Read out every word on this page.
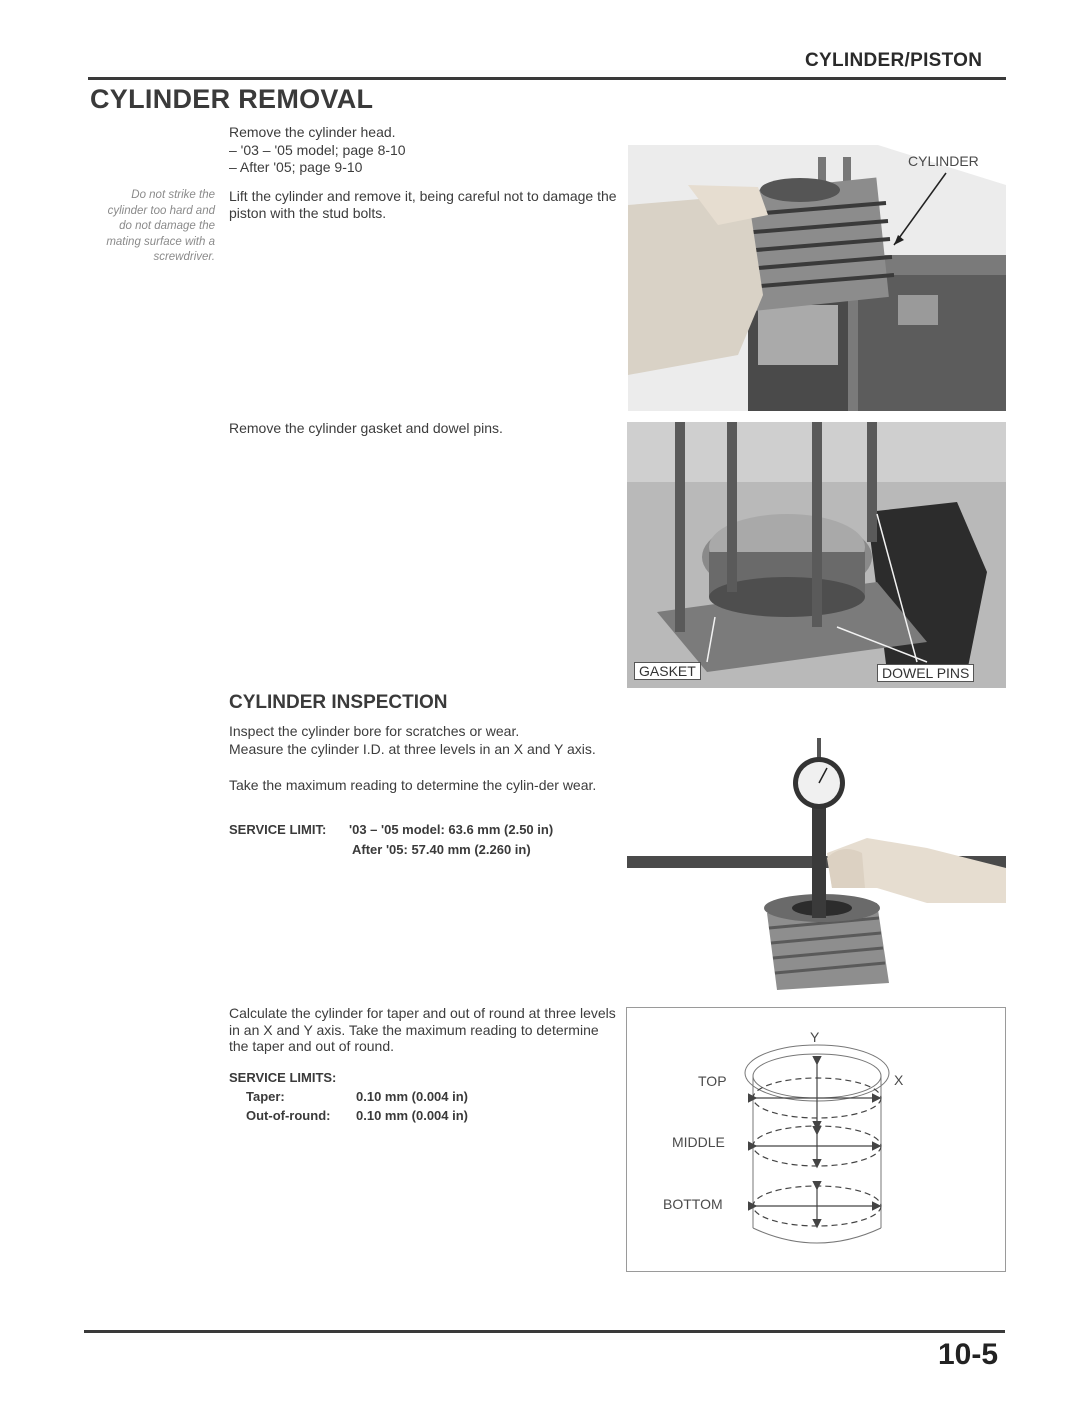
CYLINDER/PISTON
CYLINDER REMOVAL
Remove the cylinder head.
– '03 – '05 model; page 8-10
– After '05; page 9-10
Do not strike the cylinder too hard and do not damage the mating surface with a screwdriver.
Lift the cylinder and remove it, being careful not to damage the piston with the stud bolts.
CYLINDER
Remove the cylinder gasket and dowel pins.
GASKET	DOWEL PINS
CYLINDER INSPECTION
Inspect the cylinder bore for scratches or wear.
Measure the cylinder I.D. at three levels in an X and Y axis.
Take the maximum reading to determine the cylin-der wear.
SERVICE LIMIT: '03 – '05 model: 63.6 mm (2.50 in)
After '05: 57.40 mm (2.260 in)
Calculate the cylinder for taper and out of round at three levels in an X and Y axis. Take the maximum reading to determine the taper and out of round.
SERVICE LIMITS:
Taper:	0.10 mm (0.004 in)
Out-of-round: 0.10 mm (0.004 in)
Y
X
TOP
MIDDLE
BOTTOM
10-5
